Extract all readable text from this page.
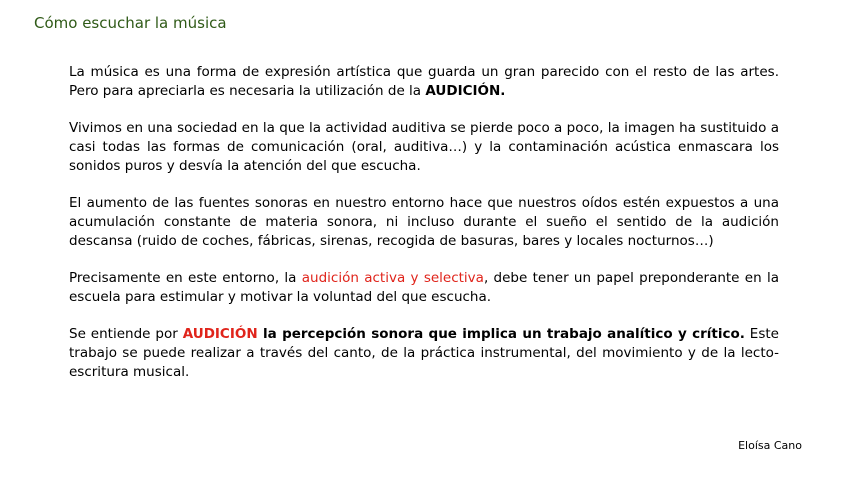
Cómo escuchar la música

La música es una forma de expresión artística que guarda un gran parecido con el resto de las artes. Pero para apreciarla es necesaria la utilización de la AUDICIÓN.

Vivimos en una sociedad en la que la actividad auditiva se pierde poco a poco, la imagen ha sustituido a casi todas las formas de comunicación (oral, auditiva…) y la contaminación acústica enmascara los sonidos puros y desvía la atención del que escucha.

El aumento de las fuentes sonoras en nuestro entorno hace que nuestros oídos estén expuestos a una acumulación constante de materia sonora, ni incluso durante el sueño el sentido de la audición descansa (ruido de coches, fábricas, sirenas, recogida de basuras, bares y locales nocturnos…)

Precisamente en este entorno, la audición activa y selectiva, debe tener un papel preponderante en la escuela para estimular y motivar la voluntad del que escucha.

Se entiende por AUDICIÓN la percepción sonora que implica un trabajo analítico y crítico. Este trabajo se puede realizar a través del canto, de la práctica instrumental, del movimiento y de la lecto-escritura musical.

Eloísa Cano
